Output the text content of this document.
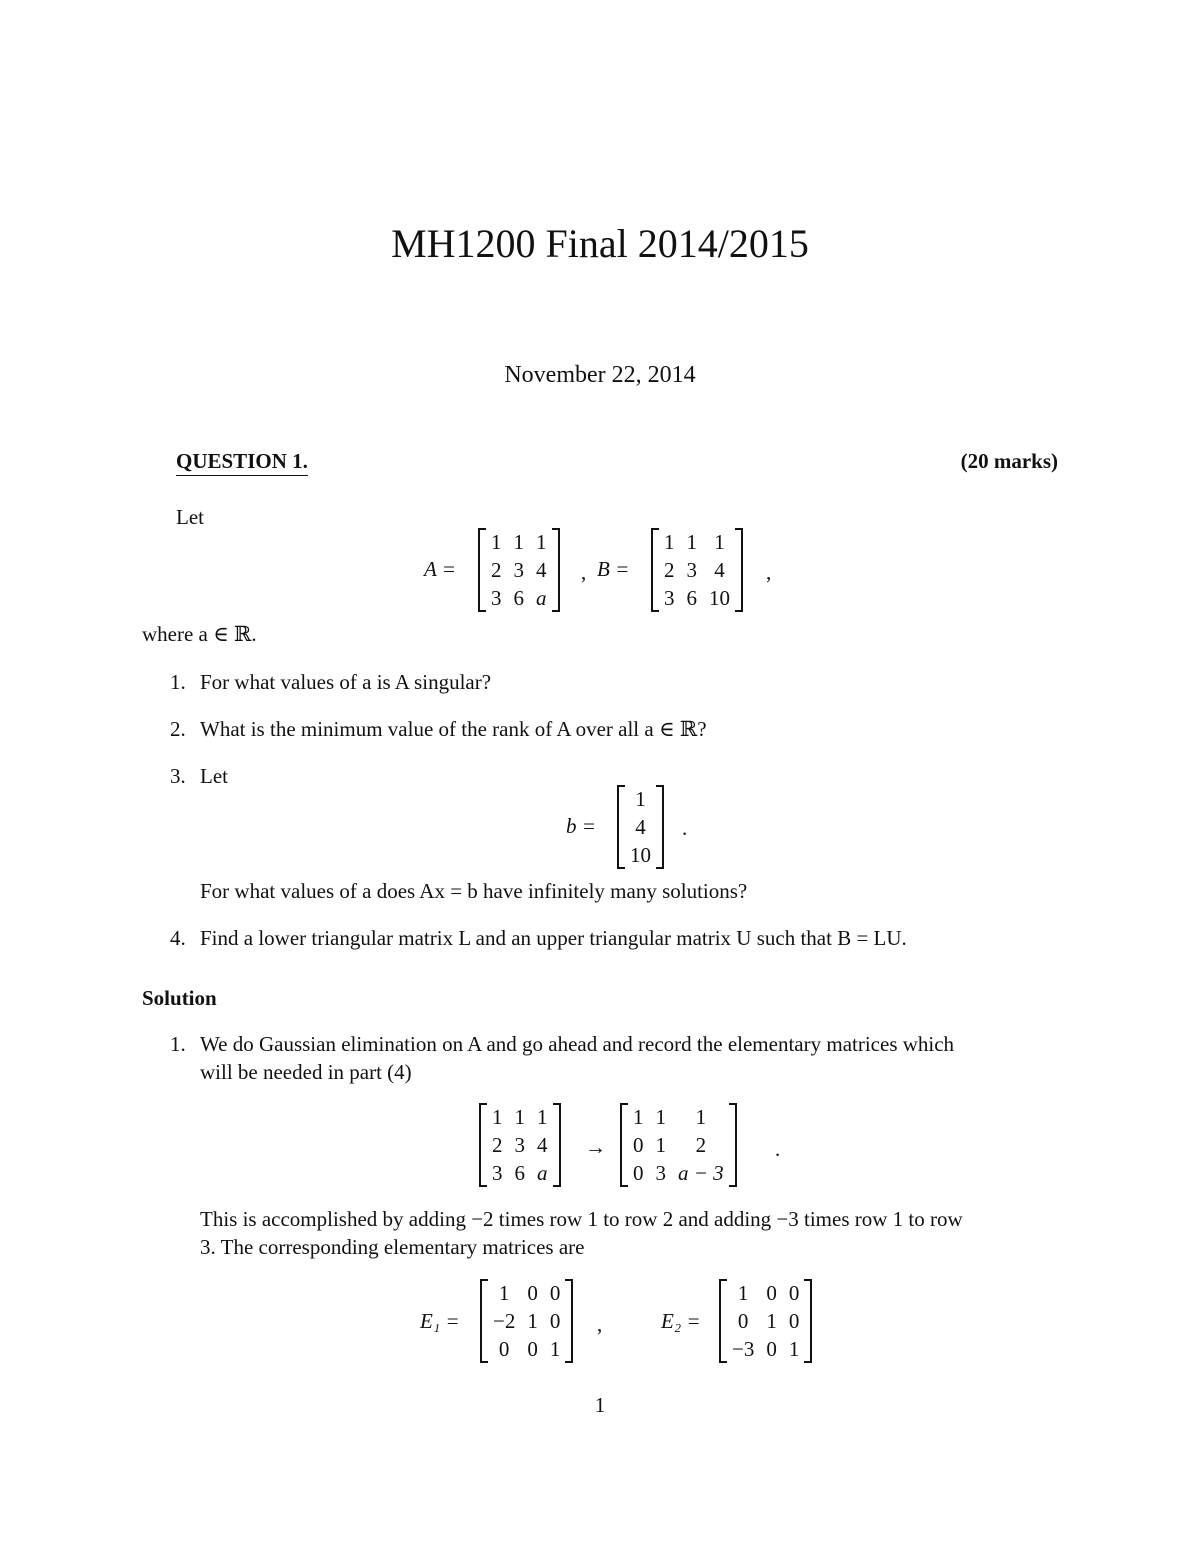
MH1200 Final 2014/2015
November 22, 2014
QUESTION 1.	(20 marks)
Let
A =
1	1	1
2	3	4
3	6	a
, B =
1	1	1
2	3	4
3	6	10
,
where a ∈ ℝ.
1. For what values of a is A singular?
2. What is the minimum value of the rank of A over all a ∈ ℝ?
3. Let
b =
1
4
10
.
For what values of a does Ax = b have infinitely many solutions?
4. Find a lower triangular matrix L and an upper triangular matrix U such that B = LU.
Solution
1. We do Gaussian elimination on A and go ahead and record the elementary matrices which
will be needed in part (4)
1	1	1
2	3	4
3	6	a
→
1	1	1
0	1	2
0	3	a − 3
.
This is accomplished by adding −2 times row 1 to row 2 and adding −3 times row 1 to row
3. The corresponding elementary matrices are
E₁ =
1	0	0
−2	1	0
0	0	1
,	E₂ =
1	0	0
0	1	0
−3	0	1
1
